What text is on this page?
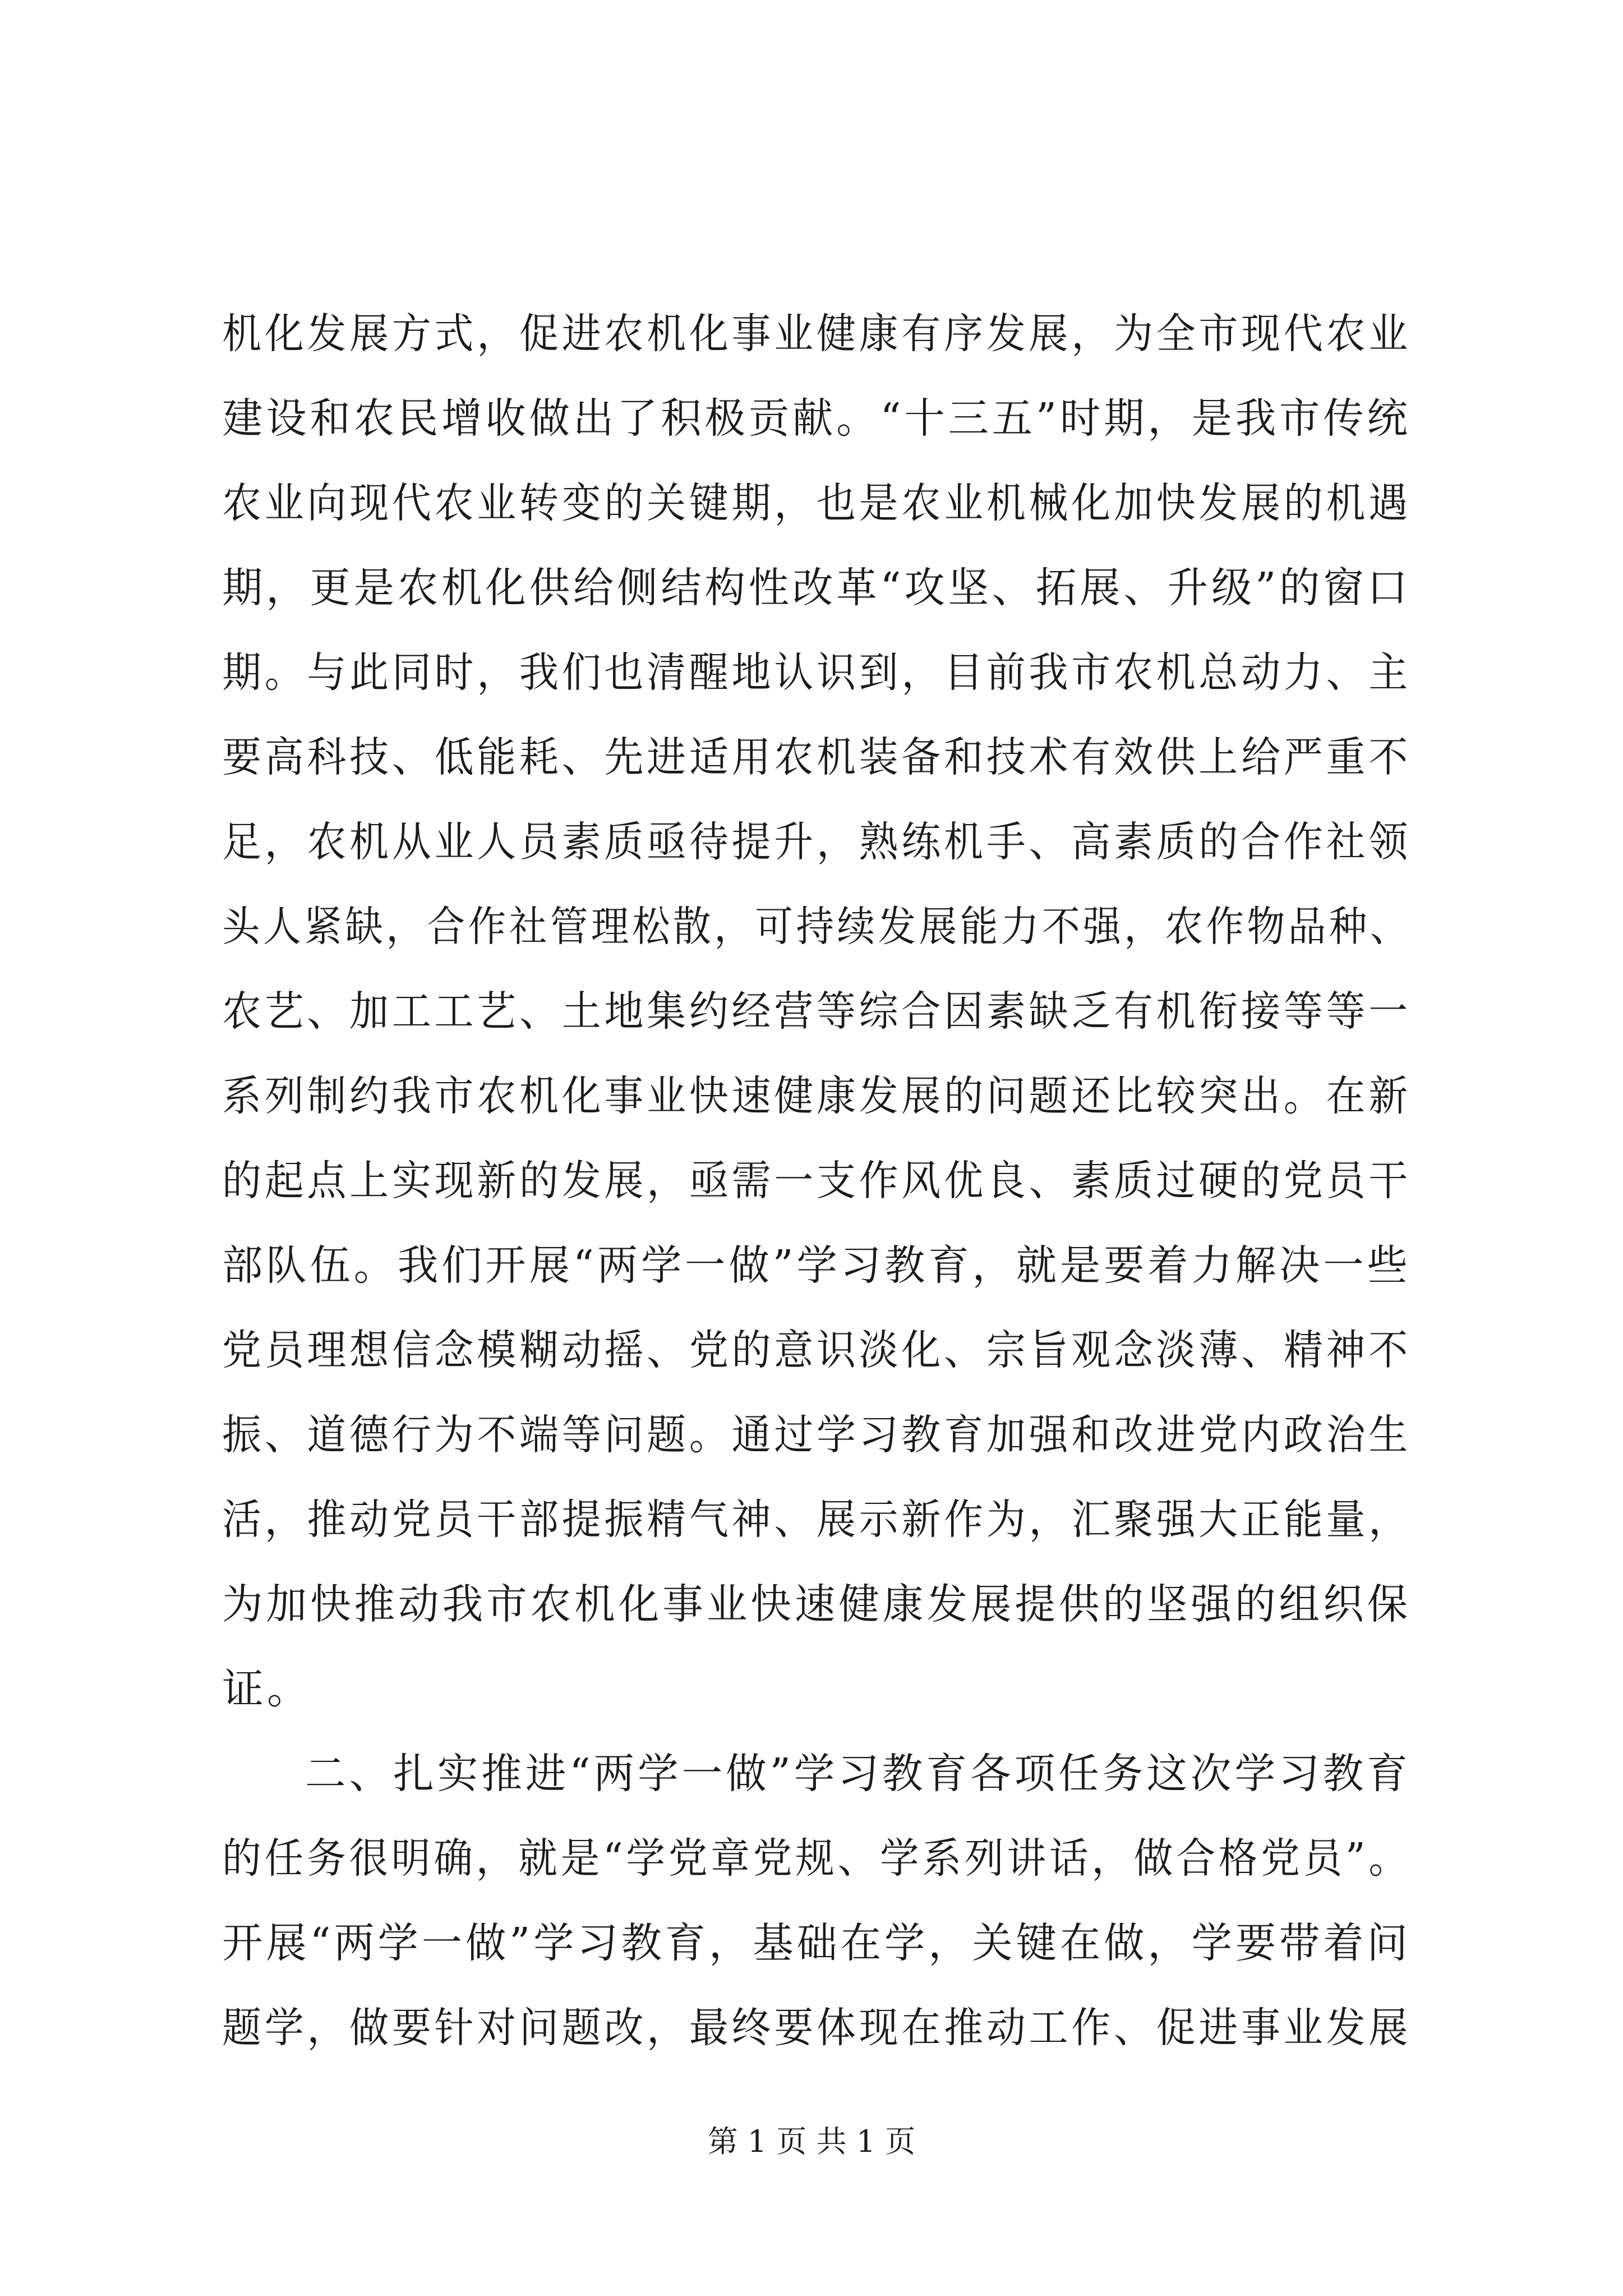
机化发展方式，促进农机化事业健康有序发展，为全市现代农业
建设和农民增收做出了积极贡献。“十三五”时期，是我市传统
农业向现代农业转变的关键期，也是农业机械化加快发展的机遇
期，更是农机化供给侧结构性改革“攻坚、拓展、升级”的窗口
期。与此同时，我们也清醒地认识到，目前我市农机总动力、主
要高科技、低能耗、先进适用农机装备和技术有效供上给严重不
足，农机从业人员素质亟待提升，熟练机手、高素质的合作社领
头人紧缺，合作社管理松散，可持续发展能力不强，农作物品种、
农艺、加工工艺、土地集约经营等综合因素缺乏有机衔接等等一
系列制约我市农机化事业快速健康发展的问题还比较突出。在新
的起点上实现新的发展，亟需一支作风优良、素质过硬的党员干
部队伍。我们开展“两学一做”学习教育，就是要着力解决一些
党员理想信念模糊动摇、党的意识淡化、宗旨观念淡薄、精神不
振、道德行为不端等问题。通过学习教育加强和改进党内政治生
活，推动党员干部提振精气神、展示新作为，汇聚强大正能量，
为加快推动我市农机化事业快速健康发展提供的坚强的组织保
证。
二、扎实推进“两学一做”学习教育各项任务这次学习教育
的任务很明确，就是“学党章党规、学系列讲话，做合格党员”。
开展“两学一做”学习教育，基础在学，关键在做，学要带着问
题学，做要针对问题改，最终要体现在推动工作、促进事业发展
第 1 页 共 1 页
